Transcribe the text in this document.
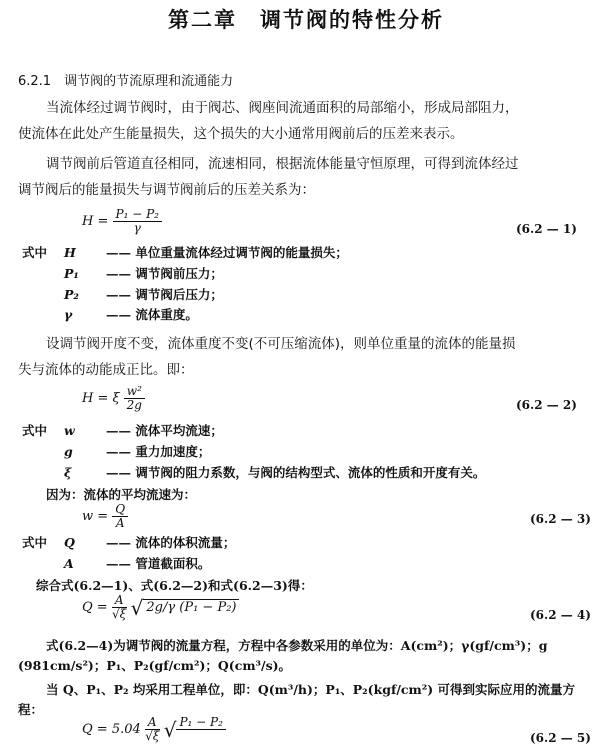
第二章　调节阀的特性分析
6.2.1　调节阀的节流原理和流通能力
当流体经过调节阀时，由于阀芯、阀座间流通面积的局部缩小，形成局部阻力，
使流体在此处产生能量损失，这个损失的大小通常用阀前后的压差来表示。
调节阀前后管道直径相同，流速相同，根据流体能量守恒原理，可得到流体经过
调节阀后的能量损失与调节阀前后的压差关系为：
$H = \frac{\text{P₁ − P₂}}{\gamma}$	(6.2 — 1)
式中 H —— 单位重量流体经过调节阀的能量损失；
P₁ —— 调节阀前压力；
P₂ —— 调节阀后压力；
γ	—— 流体重度。
设调节阀开度不变，流体重度不变(不可压缩流体)，则单位重量的流体的能量损
失与流体的动能成正比。即：
H = ξ $\frac{\text{w²}}{2g}$	(6.2 — 2)
式中 w —— 流体平均流速；
g	—— 重力加速度；
ξ	—— 调节阀的阻力系数，与阀的结构型式、流体的性质和开度有关。
因为：流体的平均流速为：
$w = \frac{Q}{A}$	(6.2 — 3)
式中 Q —— 流体的体积流量；
A	—— 管道截面积。
综合式(6.2—1)、式(6.2—2)和式(6.2—3)得：
$Q = \frac{A}{√\xi}$ √ 2g/γ (P₁ − P₂)	(6.2 — 4)
式(6.2—4)为调节阀的流量方程，方程中各参数采用的单位为：A(cm²)；γ(gf/cm³)；g
(981cm/s²)；P₁、P₂(gf/cm²)；Q(cm³/s)。
当 Q、P₁、P₂ 均采用工程单位，即：Q(m³/h)；P₁、P₂(kgf/cm²) 可得到实际应用的流量方
程：
$Q = 5.04 \frac{A}{√\xi}$ √ P₁ − P₂

(6.2 — 5)
